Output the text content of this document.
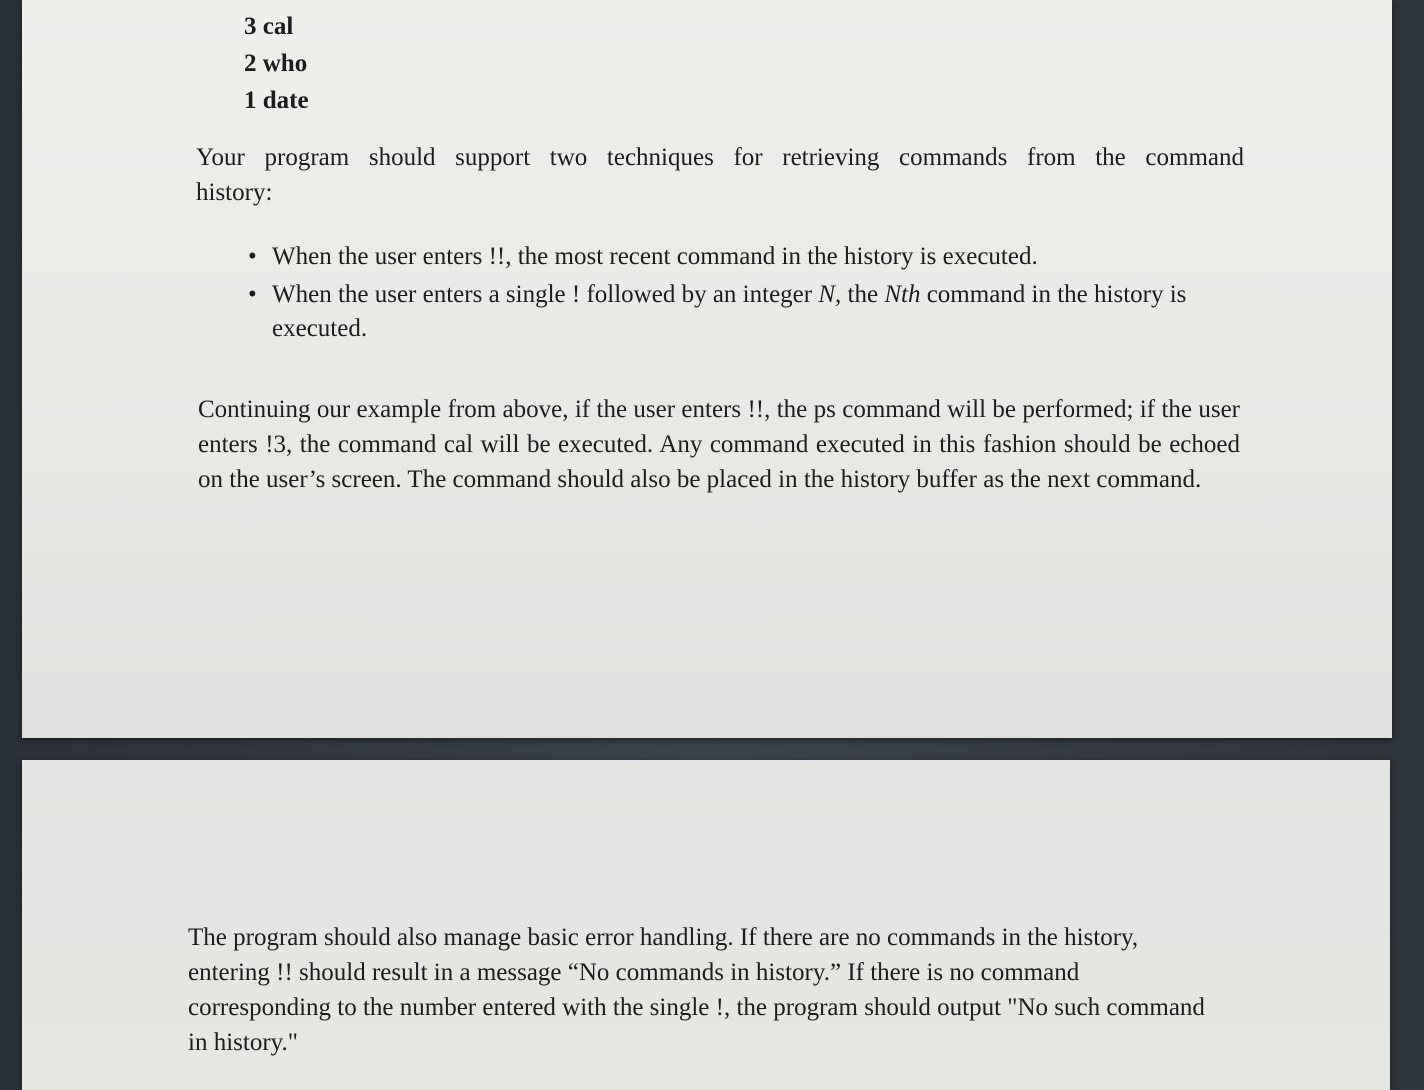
3 cal
2 who
1 date

Your program should support two techniques for retrieving commands from the command
history:

• When the user enters !!, the most recent command in the history is executed.
• When the user enters a single ! followed by an integer N, the Nth command in the history is executed.

Continuing our example from above, if the user enters !!, the ps command will be performed; if the user enters !3, the command cal will be executed. Any command executed in this fashion should be echoed on the user’s screen. The command should also be placed in the history buffer as the next command.

The program should also manage basic error handling. If there are no commands in the history, entering !! should result in a message “No commands in history.” If there is no command corresponding to the number entered with the single !, the program should output "No such command in history."
